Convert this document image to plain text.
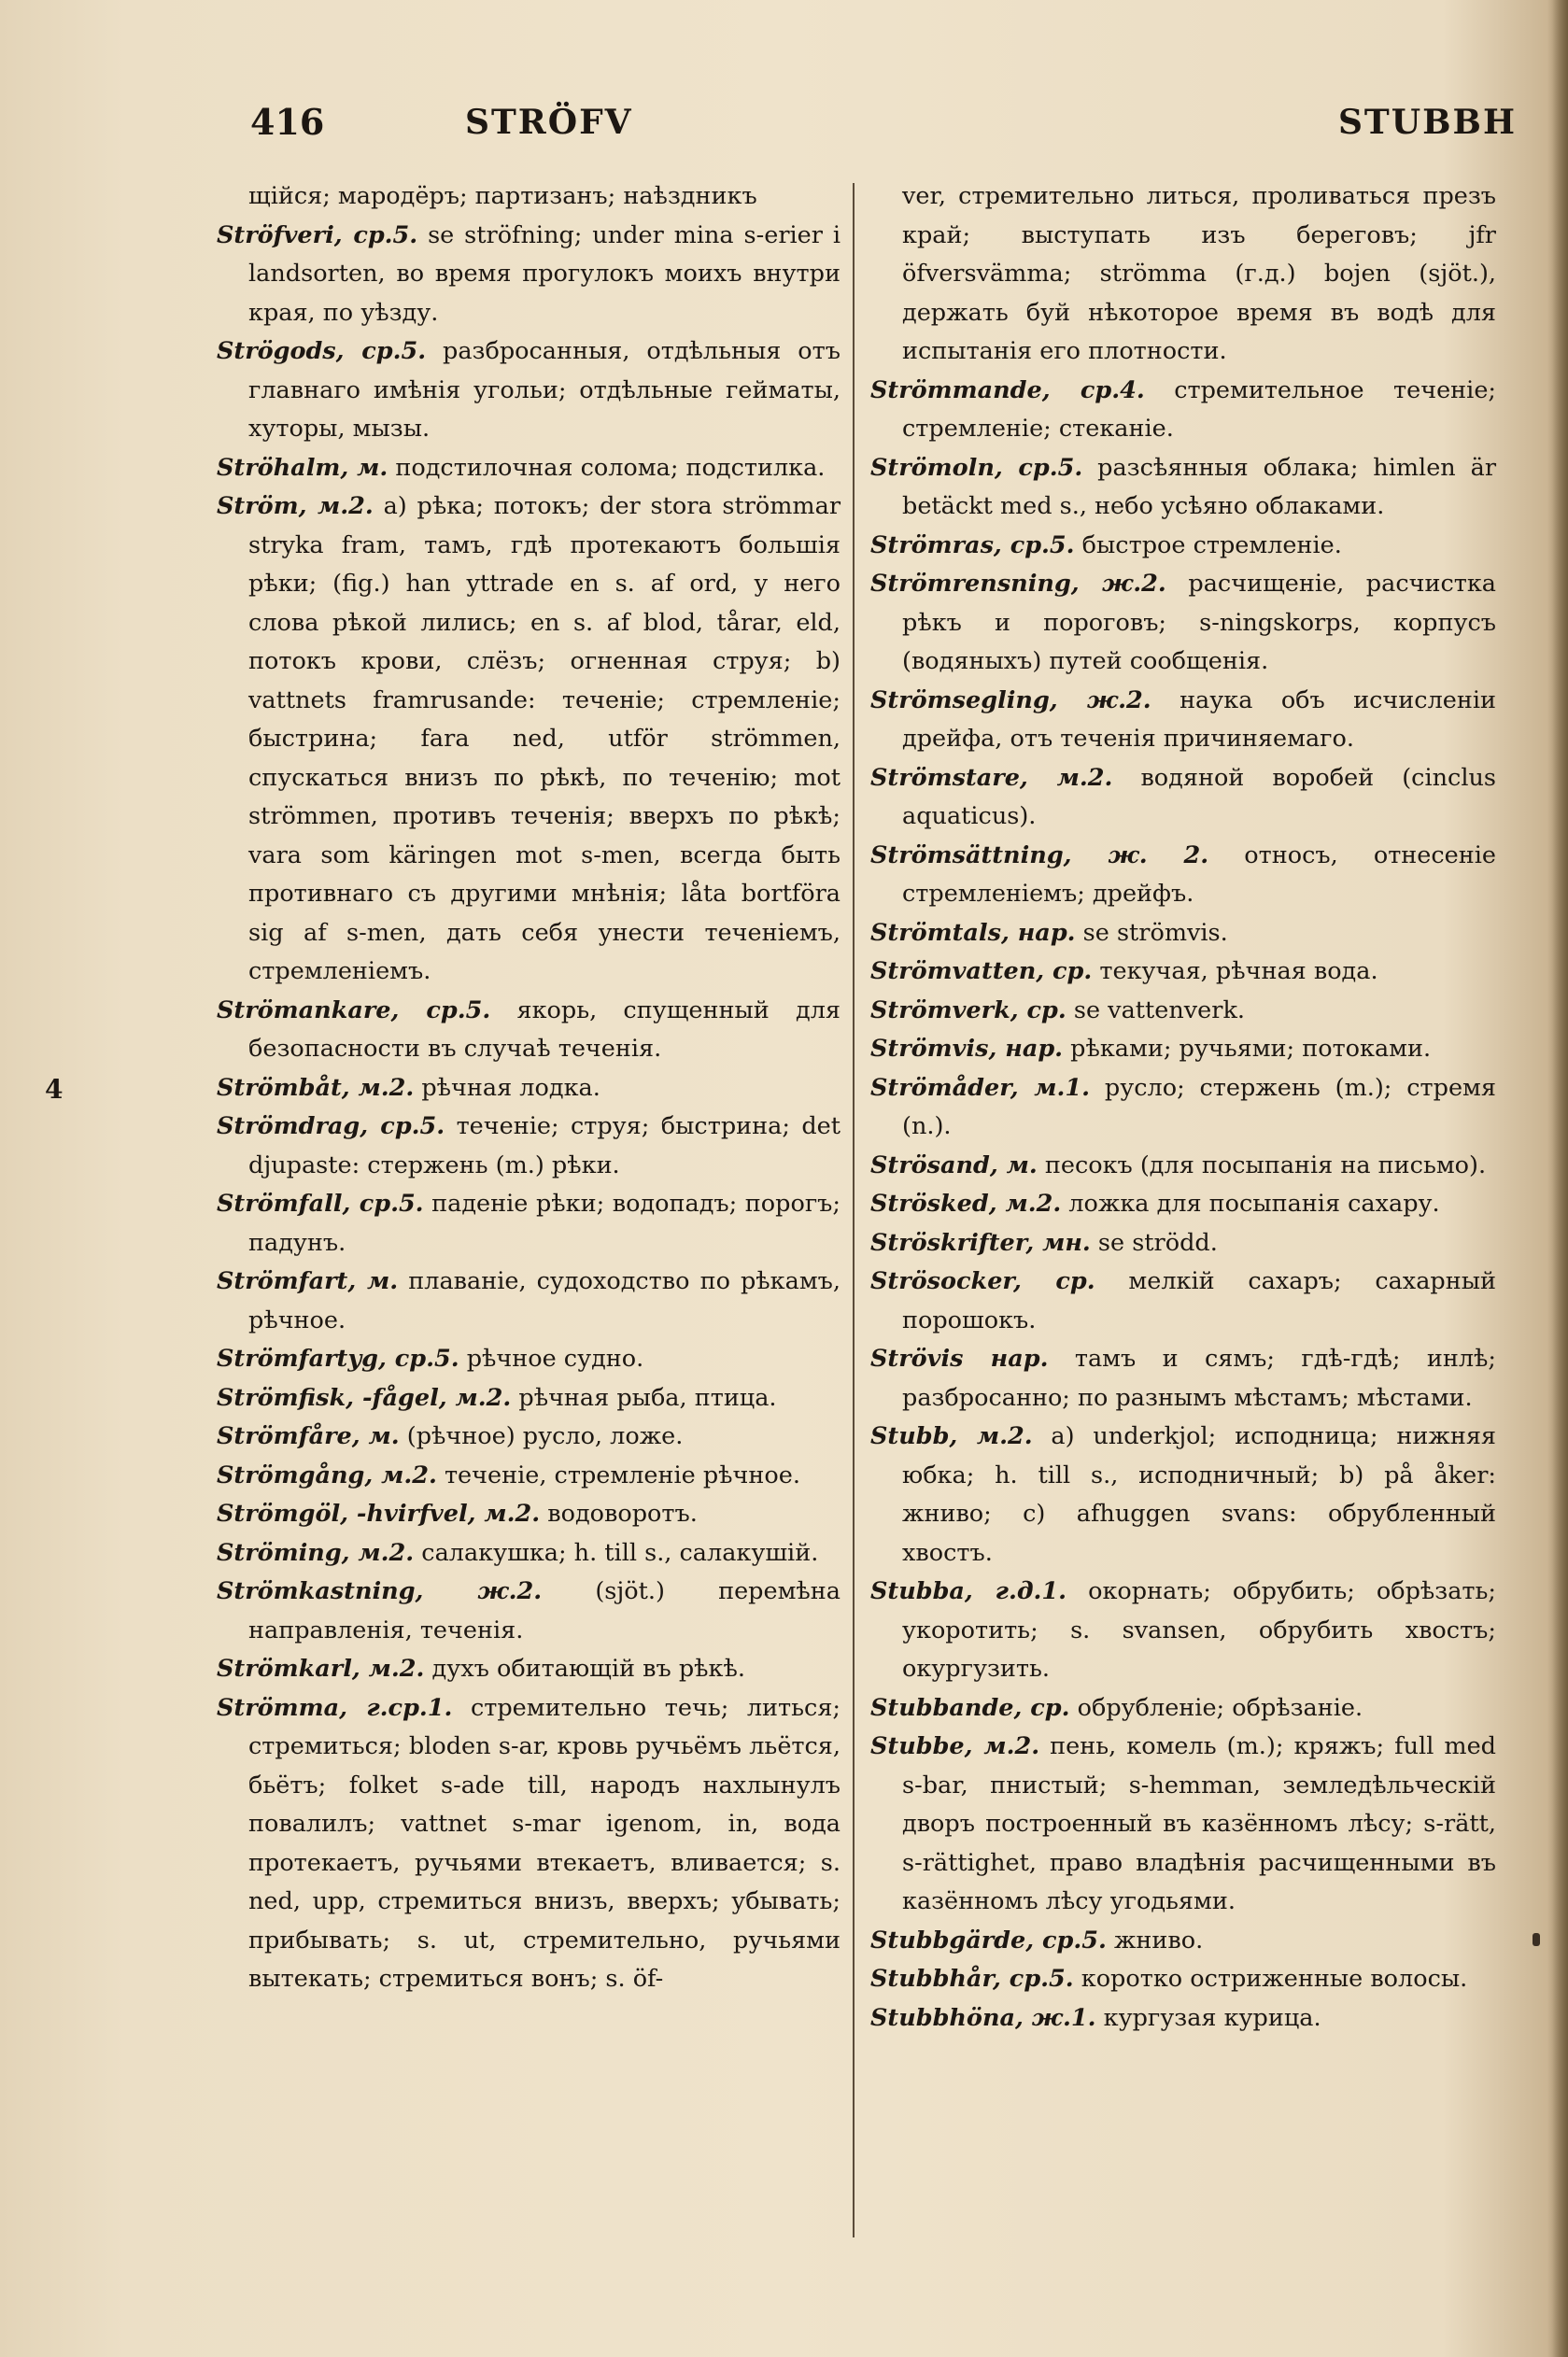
416	STRÖFV	STUBBH
4

щійся; мародёръ; партизанъ; наѣздникъ

Ströfveri, ср.5. se ströfning; under mina s-erier i landsorten, во время прогулокъ моихъ внутри края, по уѣзду.

Strögods, ср.5. разбросанныя, отдѣльныя отъ главнаго имѣнія угольи; отдѣльные гейматы, хуторы, мызы.

Ströhalm, м. подстилочная солома; подстилка.

Ström, м.2. а) рѣка; потокъ; der stora strömmar stryka fram, тамъ, гдѣ протекаютъ большія рѣки; (fig.) han yttrade en s. af ord, у него слова рѣкой лились; en s. af blod, tårar, eld, потокъ крови, слёзъ; огненная струя; b) vattnets framrusande: теченіе; стремленіе; быстрина; fara ned, utför strömmen, спускаться внизъ по рѣкѣ, по теченію; mot strömmen, противъ теченія; вверхъ по рѣкѣ; vara som käringen mot s-men, всегда быть противнаго съ другими мнѣнія; låta bortföra sig af s-men, дать себя унести теченіемъ, стремленіемъ.

Strömankare, ср.5. якорь, спущенный для безопасности въ случаѣ теченія.

Strömbåt, м.2. рѣчная лодка.

Strömdrag, ср.5. теченіе; струя; быстрина; det djupaste: стержень (m.) рѣки.

Strömfall, ср.5. паденіе рѣки; водопадъ; порогъ; падунъ.

Strömfart, м. плаваніе, судоходство по рѣкамъ, рѣчное.

Strömfartyg, ср.5. рѣчное судно.

Strömfisk, -fågel, м.2. рѣчная рыба, птица.

Strömfåre, м. (рѣчное) русло, ложе.

Strömgång, м.2. теченіе, стремленіе рѣчное.

Strömgöl, -hvirfvel, м.2. водоворотъ.

Ströming, м.2. салакушка; h. till s., салакушій.

Strömkastning, ж.2. (sjöt.) перемѣна направленія, теченія.

Strömkarl, м.2. духъ обитающій въ рѣкѣ.

Strömma, г.ср.1. стремительно течь; литься; стремиться; bloden s-ar, кровь ручьёмъ льётся, бьётъ; folket s-ade till, народъ нахлынулъ повалилъ; vattnet s-mar igenom, in, вода протекаетъ, ручьями втекаетъ, вливается; s. ned, upp, стремиться внизъ, вверхъ; убывать; прибывать; s. ut, стремительно, ручьями вытекать; стремиться вонъ; s. öf-

ver, стремительно литься, проливаться презъ край; выступать изъ береговъ; jfr öfversvämma; strömma (г.д.) bojen (sjöt.), держать буй нѣкоторое время въ водѣ для испытанія его плотности.

Strömmande, ср.4. стремительное теченіе; стремленіе; стеканіе.

Strömoln, ср.5. разсѣянныя облака; himlen är betäckt med s., небо усѣяно облаками.

Strömras, ср.5. быстрое стремленіе.

Strömrensning, ж.2. расчищеніе, расчистка рѣкъ и пороговъ; s-ningskorps, корпусъ (водяныхъ) путей сообщенія.

Strömsegling, ж.2. наука объ исчисленіи дрейфа, отъ теченія причиняемаго.

Strömstare, м.2. водяной воробей (cinclus aquaticus).

Strömsättning, ж. 2. относъ, отнесеніе стремленіемъ; дрейфъ.

Strömtals, нар. se strömvis.

Strömvatten, ср. текучая, рѣчная вода.

Strömverk, ср. se vattenverk.

Strömvis, нар. рѣками; ручьями; потоками.

Strömåder, м.1. русло; стержень (m.); стремя (n.).

Strösand, м. песокъ (для посыпанія на письмо).

Ströskеd, м.2. ложка для посыпанія сахару.

Ströskrifter, мн. se strödd.

Strösocker, ср. мелкій сахаръ; сахарный порошокъ.

Strövis нар. тамъ и сямъ; гдѣ-гдѣ; инлѣ; разбросанно; по разнымъ мѣстамъ; мѣстами.

Stubb, м.2. a) underkjol; исподница; нижняя юбка; h. till s., исподничный; b) på åker: жниво; c) afhuggen svans: обрубленный хвостъ.

Stubba, г.д.1. окорнать; обрубить; обрѣзать; укоротить; s. svansen, обрубить хвостъ; окургузить.

Stubbande, ср. обрубленіе; обрѣзаніе.

Stubbe, м.2. пень, комель (m.); кряжъ; full med s-bar, пнистый; s-hemman, земледѣльческій дворъ построенный въ казённомъ лѣсу; s-rätt, s-rättighet, право владѣнія расчищенными въ казённомъ лѣсу угодьями.

Stubbgärde, ср.5. жниво.

Stubbhår, ср.5. коротко остриженные волосы.

Stubbhöna, ж.1. кургузая курица.
